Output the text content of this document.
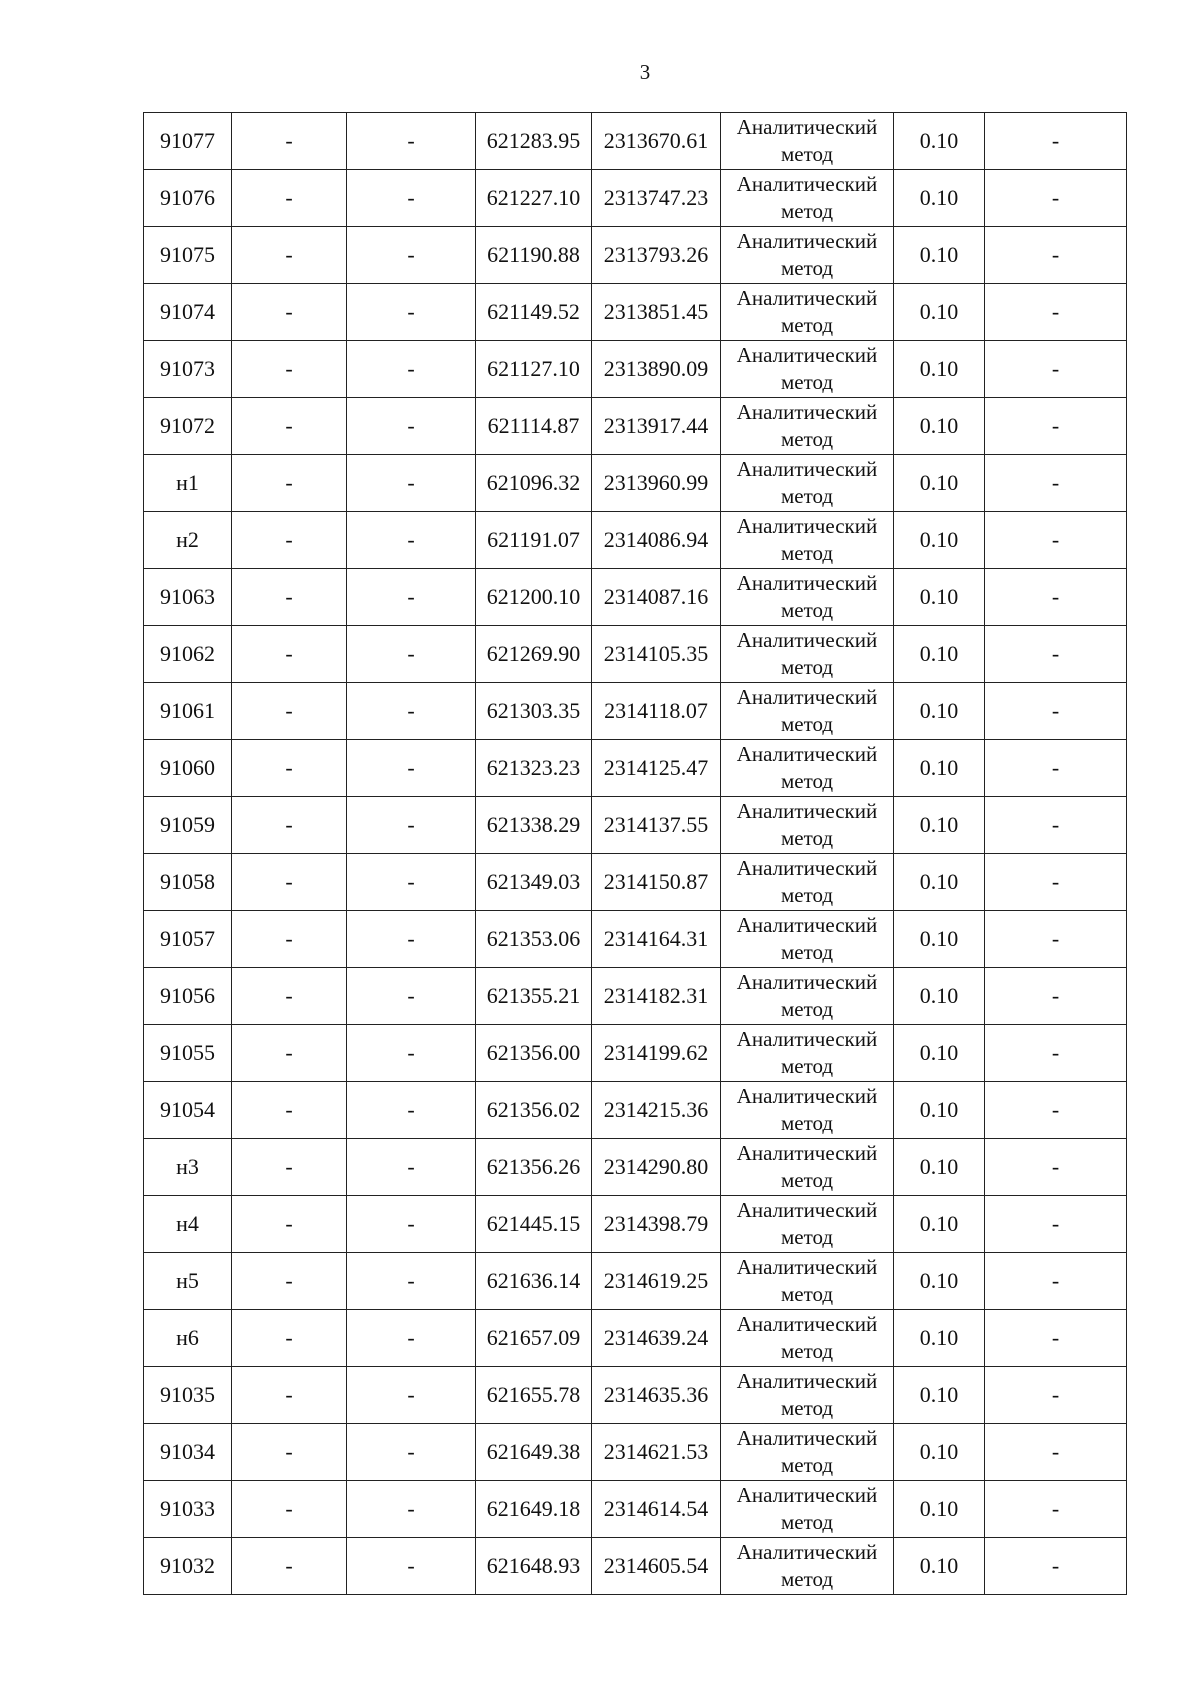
3
91077	-	-	621283.95	2313670.61	Аналитический
метод	0.10	-
91076	-	-	621227.10	2313747.23	Аналитический
метод	0.10	-
91075	-	-	621190.88	2313793.26	Аналитический
метод	0.10	-
91074	-	-	621149.52	2313851.45	Аналитический
метод	0.10	-
91073	-	-	621127.10	2313890.09	Аналитический
метод	0.10	-
91072	-	-	621114.87	2313917.44	Аналитический
метод	0.10	-
н1	-	-	621096.32	2313960.99	Аналитический
метод	0.10	-
н2	-	-	621191.07	2314086.94	Аналитический
метод	0.10	-
91063	-	-	621200.10	2314087.16	Аналитический
метод	0.10	-
91062	-	-	621269.90	2314105.35	Аналитический
метод	0.10	-
91061	-	-	621303.35	2314118.07	Аналитический
метод	0.10	-
91060	-	-	621323.23	2314125.47	Аналитический
метод	0.10	-
91059	-	-	621338.29	2314137.55	Аналитический
метод	0.10	-
91058	-	-	621349.03	2314150.87	Аналитический
метод	0.10	-
91057	-	-	621353.06	2314164.31	Аналитический
метод	0.10	-
91056	-	-	621355.21	2314182.31	Аналитический
метод	0.10	-
91055	-	-	621356.00	2314199.62	Аналитический
метод	0.10	-
91054	-	-	621356.02	2314215.36	Аналитический
метод	0.10	-
н3	-	-	621356.26	2314290.80	Аналитический
метод	0.10	-
н4	-	-	621445.15	2314398.79	Аналитический
метод	0.10	-
н5	-	-	621636.14	2314619.25	Аналитический
метод	0.10	-
н6	-	-	621657.09	2314639.24	Аналитический
метод	0.10	-
91035	-	-	621655.78	2314635.36	Аналитический
метод	0.10	-
91034	-	-	621649.38	2314621.53	Аналитический
метод	0.10	-
91033	-	-	621649.18	2314614.54	Аналитический
метод	0.10	-
91032	-	-	621648.93	2314605.54	Аналитический
метод	0.10	-
